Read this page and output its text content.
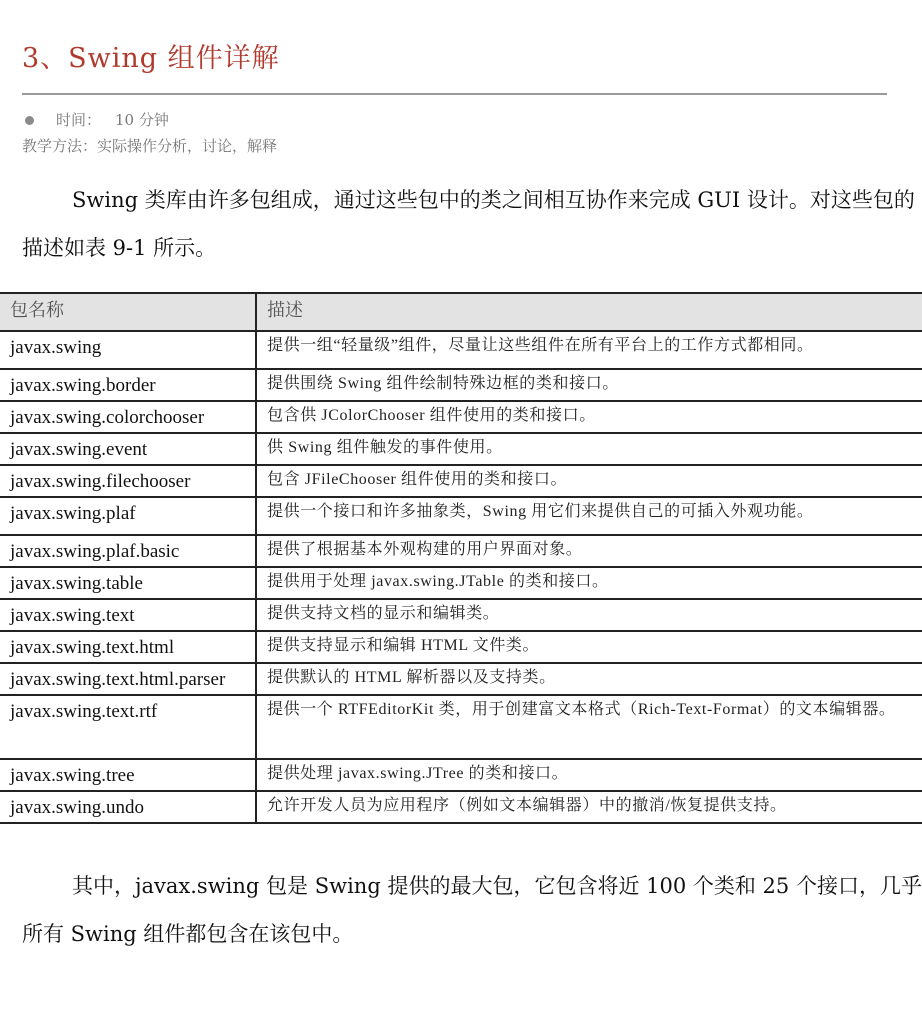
3、Swing 组件详解
时间： 10 分钟
教学方法：实际操作分析，讨论，解释

Swing 类库由许多包组成，通过这些包中的类之间相互协作来完成 GUI 设计。对这些包的描述如表 9-1 所示。

包名称	描述
javax.swing	提供一组“轻量级”组件，尽量让这些组件在所有平台上的工作方式都相同。
javax.swing.border	提供围绕 Swing 组件绘制特殊边框的类和接口。
javax.swing.colorchooser	包含供 JColorChooser 组件使用的类和接口。
javax.swing.event	供 Swing 组件触发的事件使用。
javax.swing.filechooser	包含 JFileChooser 组件使用的类和接口。
javax.swing.plaf	提供一个接口和许多抽象类，Swing 用它们来提供自己的可插入外观功能。
javax.swing.plaf.basic	提供了根据基本外观构建的用户界面对象。
javax.swing.table	提供用于处理 javax.swing.JTable 的类和接口。
javax.swing.text	提供支持文档的显示和编辑类。
javax.swing.text.html	提供支持显示和编辑 HTML 文件类。
javax.swing.text.html.parser	提供默认的 HTML 解析器以及支持类。
javax.swing.text.rtf	提供一个 RTFEditorKit 类，用于创建富文本格式（Rich-Text-Format）的文本编辑器。
javax.swing.tree	提供处理 javax.swing.JTree 的类和接口。
javax.swing.undo	允许开发人员为应用程序（例如文本编辑器）中的撤消/恢复提供支持。

其中，javax.swing 包是 Swing 提供的最大包，它包含将近 100 个类和 25 个接口，几乎所有 Swing 组件都包含在该包中。
